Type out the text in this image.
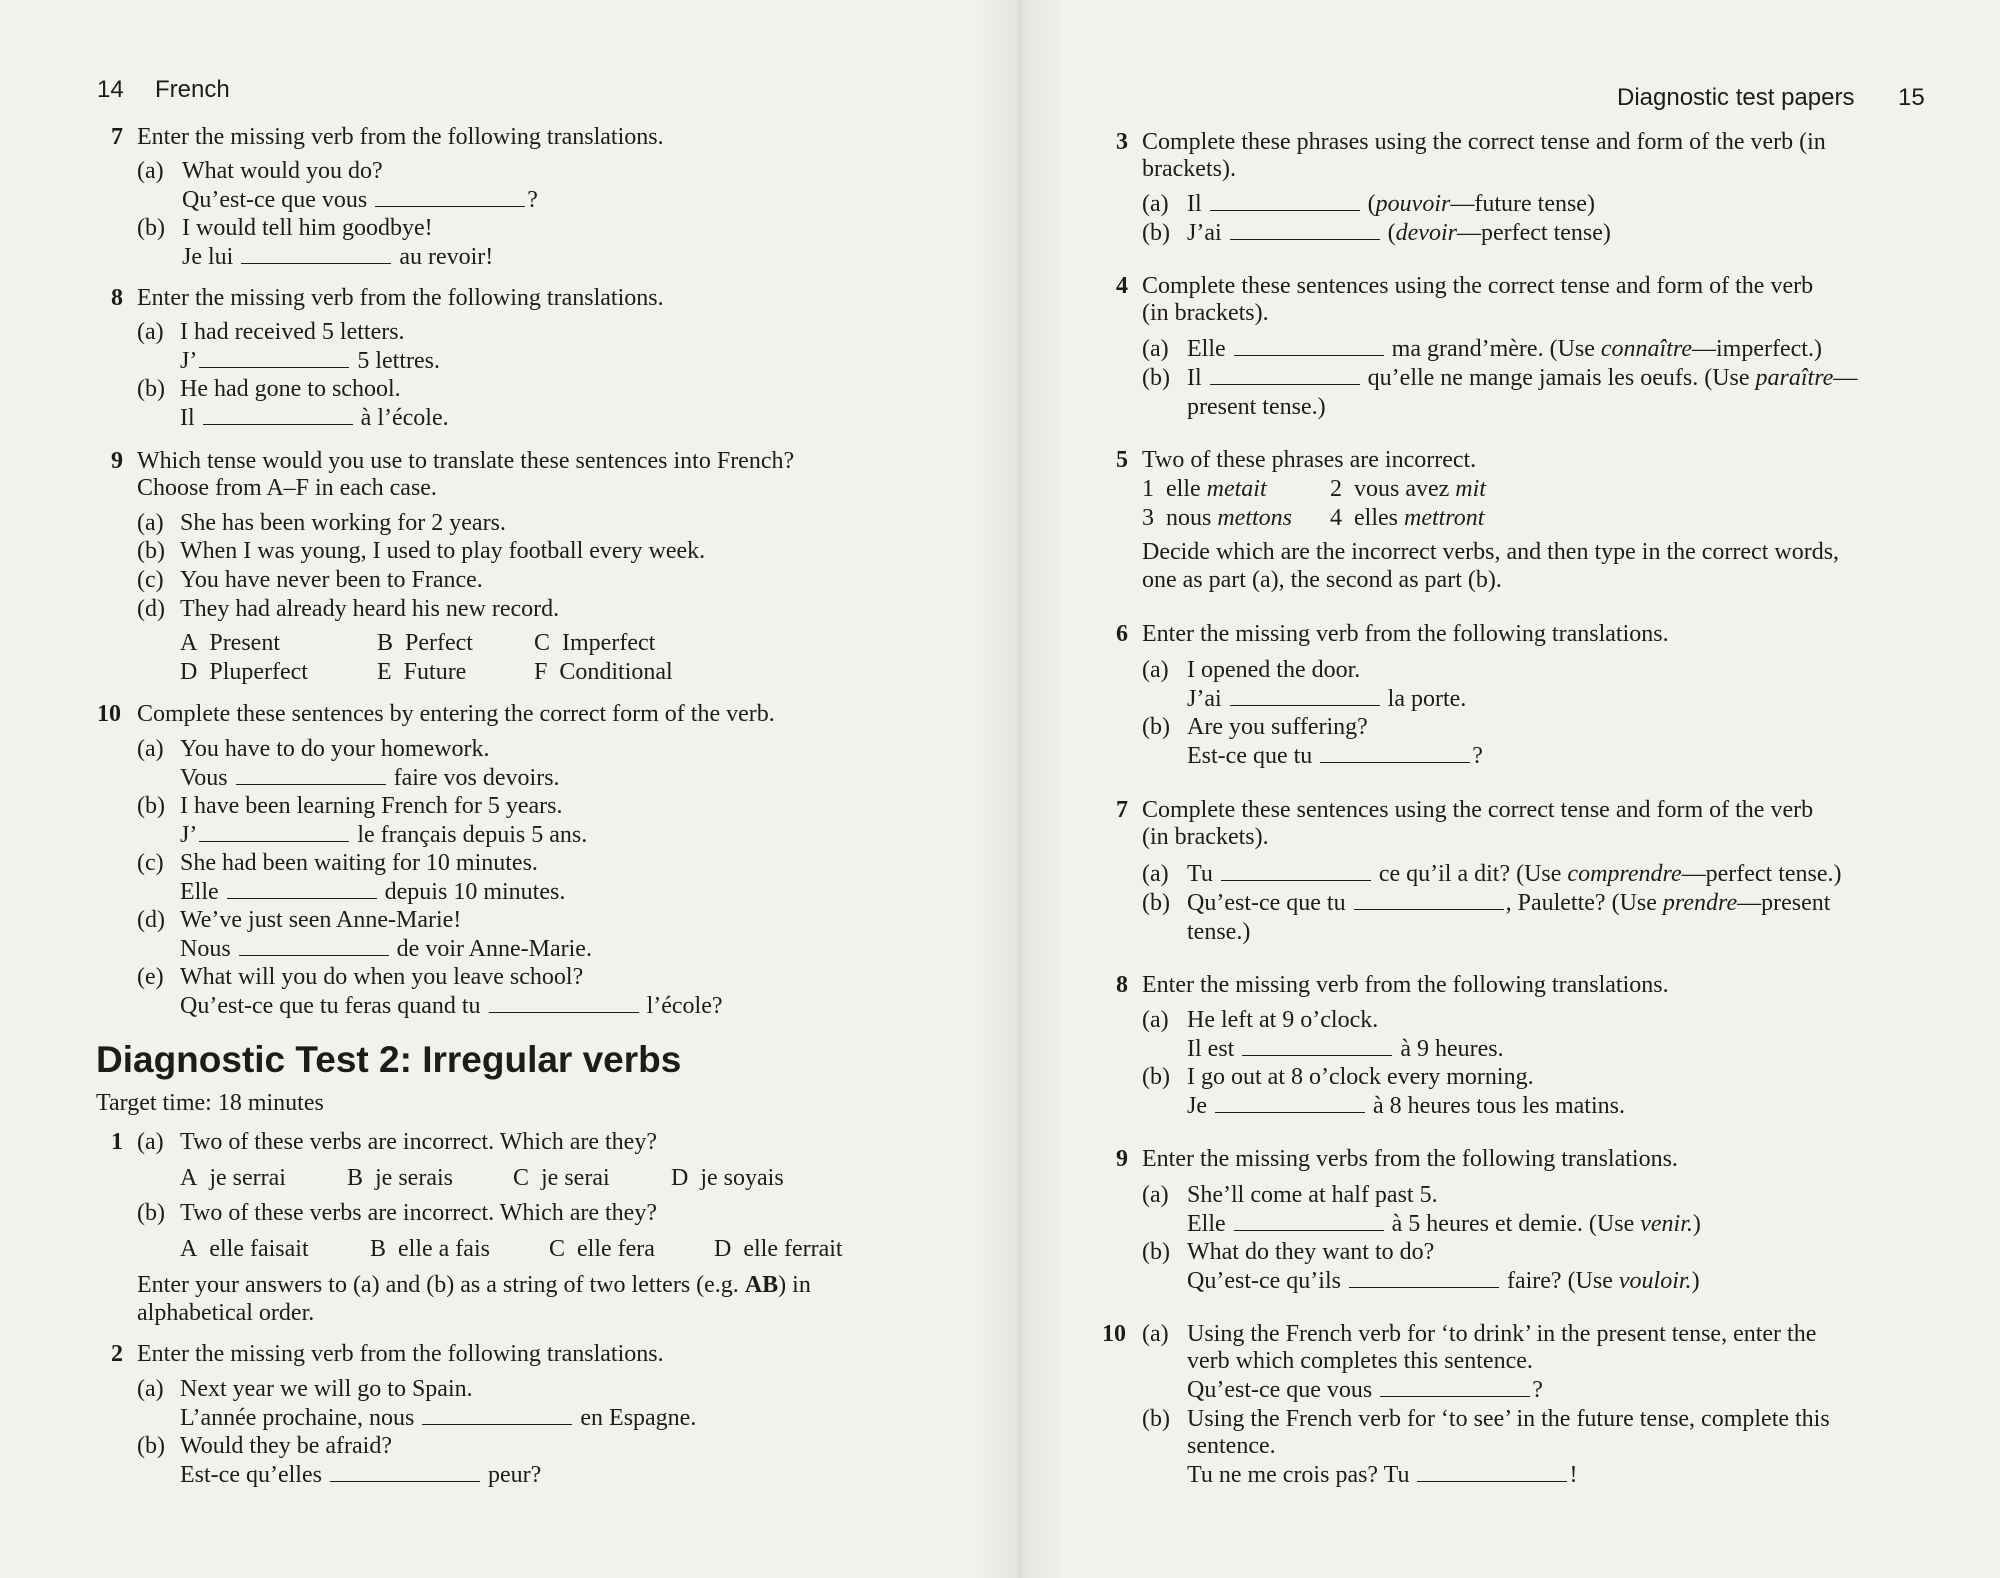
14 French
7 Enter the missing verb from the following translations.
(a) What would you do?
Qu’est-ce que vous	?
(b) I would tell him goodbye!
Je lui	au revoir!
8 Enter the missing verb from the following translations.
(a) I had received 5 letters.
J’	5 lettres.
(b) He had gone to school.
Il	à l’école.
9 Which tense would you use to translate these sentences into French?
Choose from A–F in each case.
(a) She has been working for 2 years.
(b) When I was young, I used to play football every week.
(c) You have never been to France.
(d) They had already heard his new record.
A Present	B Perfect	C Imperfect
D Pluperfect	E Future	F Conditional
10 Complete these sentences by entering the correct form of the verb.
(a) You have to do your homework.
Vous	faire vos devoirs.
(b) I have been learning French for 5 years.
J’	le français depuis 5 ans.
(c) She had been waiting for 10 minutes.
Elle	depuis 10 minutes.
(d) We’ve just seen Anne-Marie!
Nous	de voir Anne-Marie.
(e) What will you do when you leave school?
Qu’est-ce que tu feras quand tu	l’école?
Diagnostic Test 2: Irregular verbs
Target time: 18 minutes
1 (a) Two of these verbs are incorrect. Which are they?
A je serrai	B je serais	C je serai	D je soyais
(b) Two of these verbs are incorrect. Which are they?
A elle faisait	B elle a fais C elle fera D elle ferrait
Enter your answers to (a) and (b) as a string of two letters (e.g. AB) in
alphabetical order.
2 Enter the missing verb from the following translations.
(a) Next year we will go to Spain.
L’année prochaine, nous	en Espagne.
(b) Would they be afraid?
Est-ce qu’elles	peur?
Diagnostic test papers 15
3 Complete these phrases using the correct tense and form of the verb (in
brackets).
(a) Il	(pouvoir—future tense)
(b) J’ai	(devoir—perfect tense)
4 Complete these sentences using the correct tense and form of the verb
(in brackets).
(a) Elle	ma grand’mère. (Use connaître—imperfect.)
(b) Il	qu’elle ne mange jamais les oeufs. (Use paraître—
present tense.)
5 Two of these phrases are incorrect.
1 elle metait	2 vous avez mit
3 nous mettons 4 elles mettront
Decide which are the incorrect verbs, and then type in the correct words,
one as part (a), the second as part (b).
6 Enter the missing verb from the following translations.
(a) I opened the door.
J’ai	la porte.
(b) Are you suffering?
Est-ce que tu	?
7 Complete these sentences using the correct tense and form of the verb
(in brackets).
(a) Tu	ce qu’il a dit? (Use comprendre—perfect tense.)
(b) Qu’est-ce que tu	, Paulette? (Use prendre—present
tense.)
8 Enter the missing verb from the following translations.
(a) He left at 9 o’clock.
Il est	à 9 heures.
(b) I go out at 8 o’clock every morning.
Je	à 8 heures tous les matins.
9 Enter the missing verbs from the following translations.
(a) She’ll come at half past 5.
Elle	à 5 heures et demie. (Use venir.)
(b) What do they want to do?
Qu’est-ce qu’ils	faire? (Use vouloir.)
10 (a) Using the French verb for ‘to drink’ in the present tense, enter the
verb which completes this sentence.
Qu’est-ce que vous	?
(b) Using the French verb for ‘to see’ in the future tense, complete this
sentence.
Tu ne me crois pas? Tu	!
